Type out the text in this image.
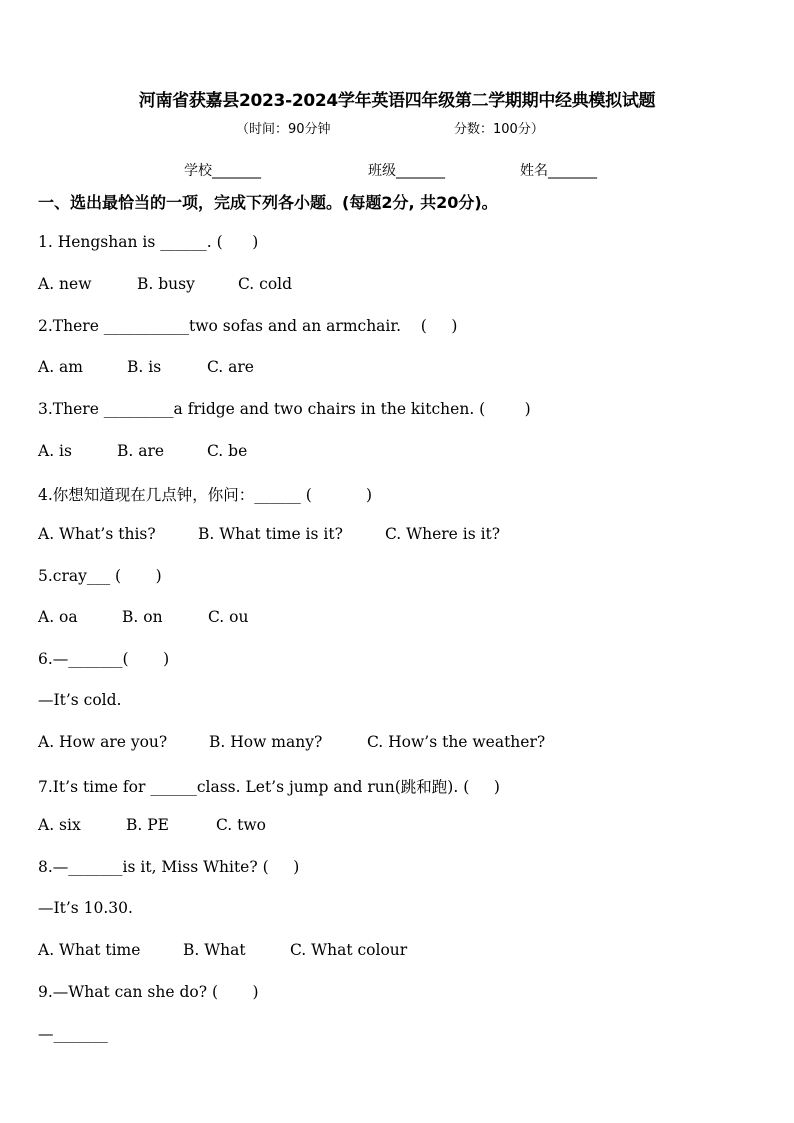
河南省获嘉县2023-2024学年英语四年级第二学期期中经典模拟试题
（时间：90分钟	分数：100分）
学校_______	班级_______	姓名_______
一、选出最恰当的一项，完成下列各小题。(每题2分, 共20分)。
1. Hengshan is ______. (      )
A. new	B. busy	C. cold
2.There ___________two sofas and an armchair.    (     )
A. am	B. is	C. are
3.There _________a fridge and two chairs in the kitchen. (        )
A. is	B. are	C. be
4.你想知道现在几点钟，你问：______ (           )
A. What’s this?	B. What time is it?	C. Where is it?
5.cray___ (       )
A. oa	B. on	C. ou
6.—_______(       )
—It’s cold.
A. How are you?	B. How many?	C. How’s the weather?
7.It’s time for ______class. Let’s jump and run(跳和跑). (     )
A. six	B. PE	C. two
8.—_______is it, Miss White? (     )
—It’s 10.30.
A. What time	B. What	C. What colour
9.—What can she do? (       )
—_______
